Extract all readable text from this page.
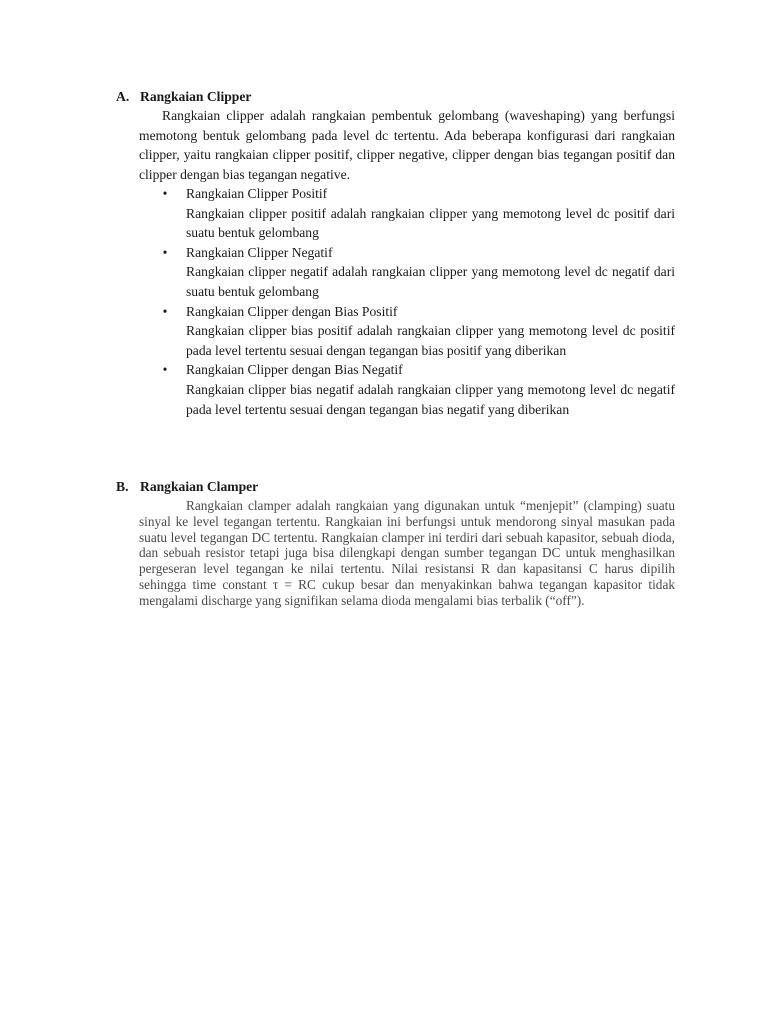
A. Rangkaian Clipper

Rangkaian clipper adalah rangkaian pembentuk gelombang (waveshaping) yang berfungsi memotong bentuk gelombang pada level dc tertentu. Ada beberapa konfigurasi dari rangkaian clipper, yaitu rangkaian clipper positif, clipper negative, clipper dengan bias tegangan positif dan clipper dengan bias tegangan negative.

• Rangkaian Clipper Positif
Rangkaian clipper positif adalah rangkaian clipper yang memotong level dc positif dari suatu bentuk gelombang
• Rangkaian Clipper Negatif
Rangkaian clipper negatif adalah rangkaian clipper yang memotong level dc negatif dari suatu bentuk gelombang
• Rangkaian Clipper dengan Bias Positif
Rangkaian clipper bias positif adalah rangkaian clipper yang memotong level dc positif pada level tertentu sesuai dengan tegangan bias positif yang diberikan
• Rangkaian Clipper dengan Bias Negatif
Rangkaian clipper bias negatif adalah rangkaian clipper yang memotong level dc negatif pada level tertentu sesuai dengan tegangan bias negatif yang diberikan
B. Rangkaian Clamper

Rangkaian clamper adalah rangkaian yang digunakan untuk “menjepit” (clamping) suatu sinyal ke level tegangan tertentu. Rangkaian ini berfungsi untuk mendorong sinyal masukan pada suatu level tegangan DC tertentu. Rangkaian clamper ini terdiri dari sebuah kapasitor, sebuah dioda, dan sebuah resistor tetapi juga bisa dilengkapi dengan sumber tegangan DC untuk menghasilkan pergeseran level tegangan ke nilai tertentu. Nilai resistansi R dan kapasitansi C harus dipilih sehingga time constant τ = RC cukup besar dan menyakinkan bahwa tegangan kapasitor tidak mengalami discharge yang signifikan selama dioda mengalami bias terbalik (“off”).
